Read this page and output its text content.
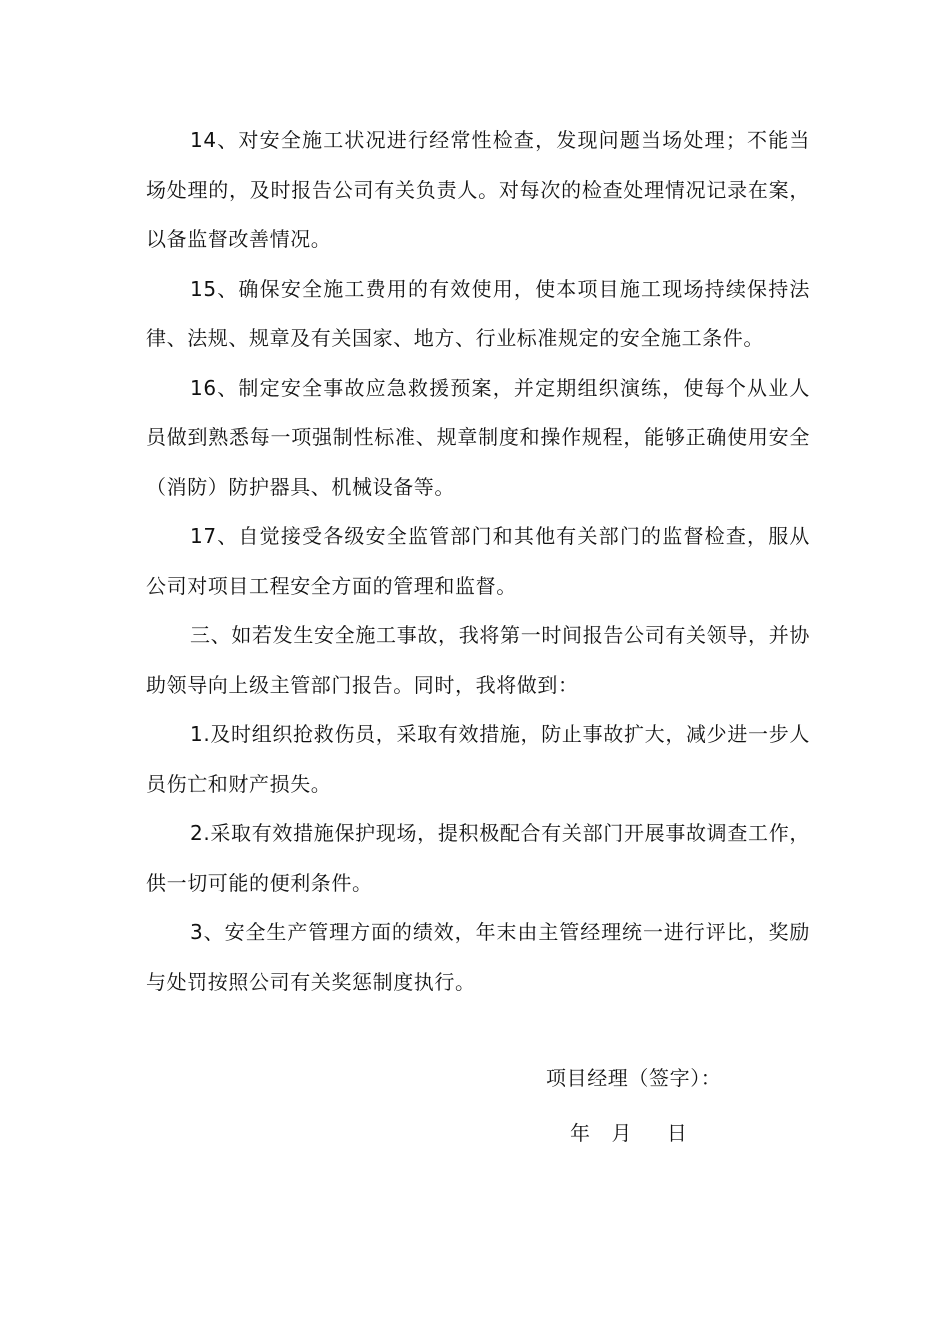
14、对安全施工状况进行经常性检查，发现问题当场处理；不能当场处理的，及时报告公司有关负责人。对每次的检查处理情况记录在案，以备监督改善情况。

15、确保安全施工费用的有效使用，使本项目施工现场持续保持法律、法规、规章及有关国家、地方、行业标准规定的安全施工条件。

16、制定安全事故应急救援预案，并定期组织演练，使每个从业人员做到熟悉每一项强制性标准、规章制度和操作规程，能够正确使用安全（消防）防护器具、机械设备等。

17、自觉接受各级安全监管部门和其他有关部门的监督检查，服从公司对项目工程安全方面的管理和监督。

三、如若发生安全施工事故，我将第一时间报告公司有关领导，并协助领导向上级主管部门报告。同时，我将做到：

1.及时组织抢救伤员，采取有效措施，防止事故扩大，减少进一步人员伤亡和财产损失。

2.采取有效措施保护现场，提积极配合有关部门开展事故调查工作，供一切可能的便利条件。

3、安全生产管理方面的绩效，年末由主管经理统一进行评比，奖励与处罚按照公司有关奖惩制度执行。

项目经理（签字）：

年   月     日
